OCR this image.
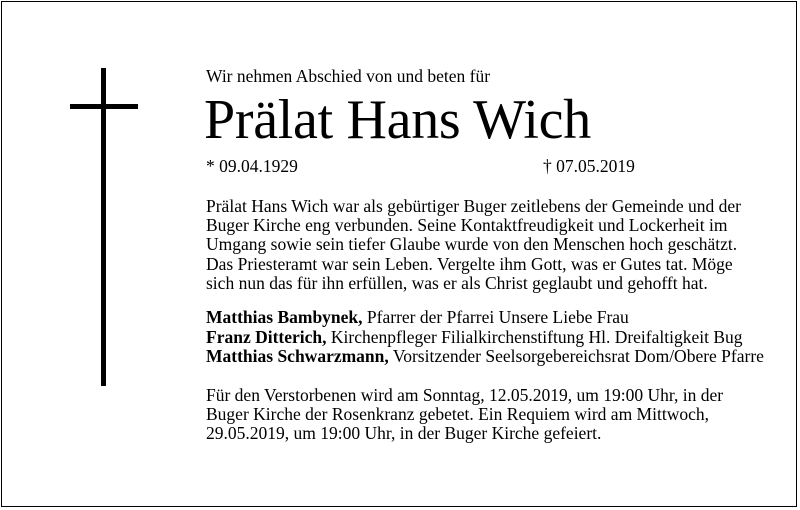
Wir nehmen Abschied von und beten für

Prälat Hans Wich
* 09.04.1929	† 07.05.2019

Prälat Hans Wich war als gebürtiger Buger zeitlebens der Gemeinde und der
Buger Kirche eng verbunden. Seine Kontaktfreudigkeit und Lockerheit im
Umgang sowie sein tiefer Glaube wurde von den Menschen hoch geschätzt.
Das Priesteramt war sein Leben. Vergelte ihm Gott, was er Gutes tat. Möge
sich nun das für ihn erfüllen, was er als Christ geglaubt und gehofft hat.

Matthias Bambynek, Pfarrer der Pfarrei Unsere Liebe Frau
Franz Ditterich, Kirchenpfleger Filialkirchenstiftung Hl. Dreifaltigkeit Bug
Matthias Schwarzmann, Vorsitzender Seelsorgebereichsrat Dom/Obere Pfarre

Für den Verstorbenen wird am Sonntag, 12.05.2019, um 19:00 Uhr, in der
Buger Kirche der Rosenkranz gebetet. Ein Requiem wird am Mittwoch,
29.05.2019, um 19:00 Uhr, in der Buger Kirche gefeiert.
